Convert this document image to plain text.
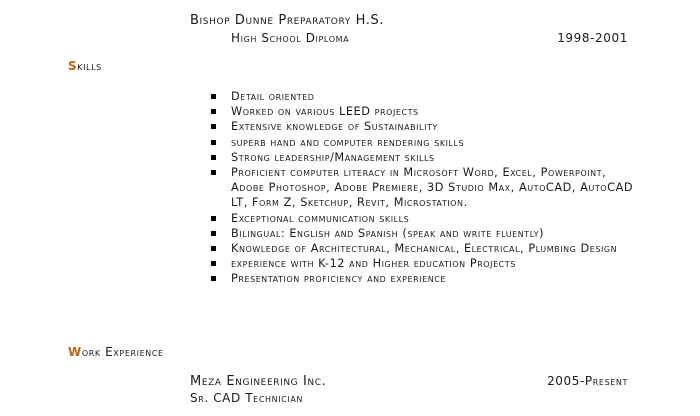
Bishop Dunne Preparatory H.S.
High School Diploma	1998-2001
Skills
Detail oriented
Worked on various LEED projects
Extensive knowledge of Sustainability
superb hand and computer rendering skills
Strong leadership/Management skills
Proficient computer literacy in Microsoft Word, Excel, Powerpoint, Adobe Photoshop, Adobe Premiere, 3D Studio Max, AutoCAD, AutoCAD LT, Form Z, Sketchup, Revit, Microstation.
Exceptional communication skills
Bilingual: English and Spanish (speak and write fluently)
Knowledge of Architectural, Mechanical, Electrical, Plumbing Design
experience with K-12 and Higher education Projects
Presentation proficiency and experience
Work Experience
Meza Engineering Inc.	2005-Present
Sr. CAD Technician
